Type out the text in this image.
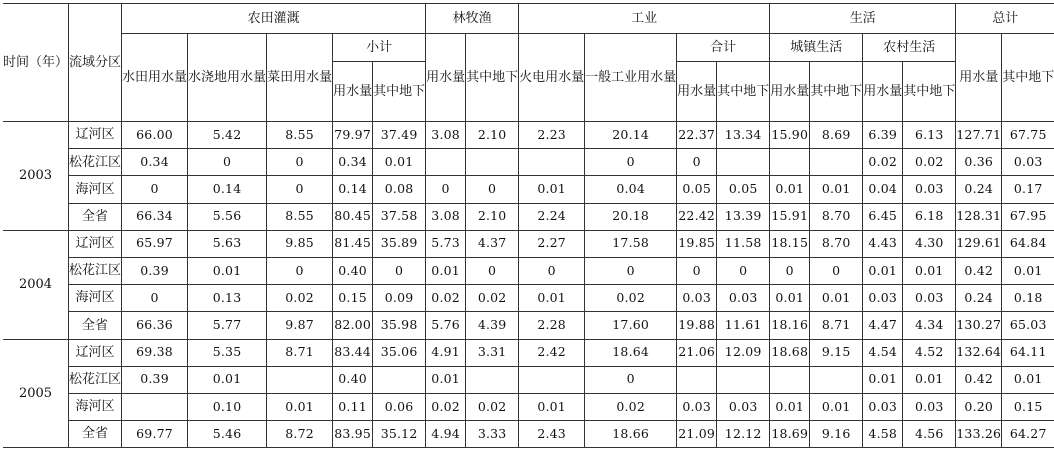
时间（年）	流域分区	农田灌溉					林牧渔		工业				生活				总计	
		水田用水量	水浇地用水量	菜田用水量	小计		用水量	其中地下	火电用水量	一般工业用水量	合计		城镇生活		农村生活		用水量	其中地下
					用水量	其中地下					用水量	其中地下	用水量	其中地下	用水量	其中地下		
2003	辽河区	66.00	5.42	8.55	79.97	37.49	3.08	2.10	2.23	20.14	22.37	13.34	15.90	8.69	6.39	6.13	127.71	67.75
	松花江区	0.34	0	0	0.34	0.01				0	0				0.02	0.02	0.36	0.03
	海河区	0	0.14	0	0.14	0.08	0	0	0.01	0.04	0.05	0.05	0.01	0.01	0.04	0.03	0.24	0.17
	全省	66.34	5.56	8.55	80.45	37.58	3.08	2.10	2.24	20.18	22.42	13.39	15.91	8.70	6.45	6.18	128.31	67.95
2004	辽河区	65.97	5.63	9.85	81.45	35.89	5.73	4.37	2.27	17.58	19.85	11.58	18.15	8.70	4.43	4.30	129.61	64.84
	松花江区	0.39	0.01	0	0.40	0	0.01	0	0	0	0	0	0	0	0.01	0.01	0.42	0.01
	海河区	0	0.13	0.02	0.15	0.09	0.02	0.02	0.01	0.02	0.03	0.03	0.01	0.01	0.03	0.03	0.24	0.18
	全省	66.36	5.77	9.87	82.00	35.98	5.76	4.39	2.28	17.60	19.88	11.61	18.16	8.71	4.47	4.34	130.27	65.03
2005	辽河区	69.38	5.35	8.71	83.44	35.06	4.91	3.31	2.42	18.64	21.06	12.09	18.68	9.15	4.54	4.52	132.64	64.11
	松花江区	0.39	0.01		0.40		0.01			0					0.01	0.01	0.42	0.01
	海河区		0.10	0.01	0.11	0.06	0.02	0.02	0.01	0.02	0.03	0.03	0.01	0.01	0.03	0.03	0.20	0.15
	全省	69.77	5.46	8.72	83.95	35.12	4.94	3.33	2.43	18.66	21.09	12.12	18.69	9.16	4.58	4.56	133.26	64.27
